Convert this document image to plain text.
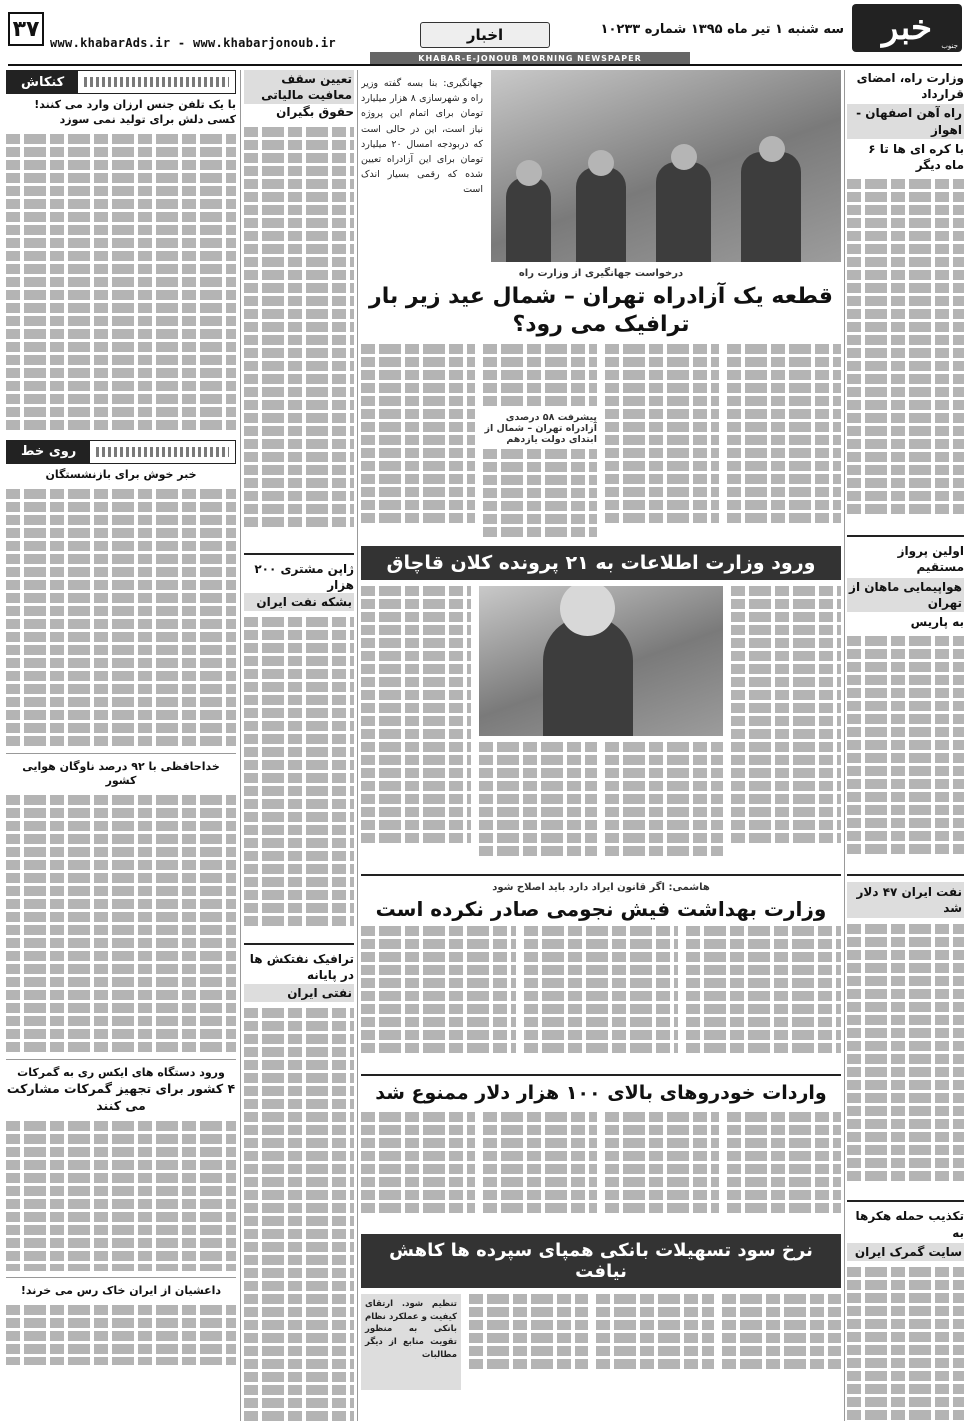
خبر جنوب
سه شنبه ۱ تیر ماه ۱۳۹۵ شماره ۱۰۲۳۳
اخبار
www.khabarAds.ir - www.khabarjonoub.ir
۳۷
KHABAR-E-JONOUB MORNING NEWSPAPER
وزارت راه، امضای قرارداد
راه آهن اصفهان - اهواز
با کره ای ها تا ۶ ماه دیگر
اولین پرواز مستقیم
هواپیمایی ماهان از تهران
به پاریس
نفت ایران ۴۷ دلار شد
تکذیب حمله هکرها به
سایت گمرک ایران
جهانگیری: بنا بسه گفته وزیر راه و شهرسازی ۸ هزار میلیارد تومان برای اتمام این پروژه نیاز است، این در حالی است که دربودجه امسال ۲۰ میلیارد تومان برای این آزادراه تعیین شده که رقمی بسیار اندک است
درخواست جهانگیری از وزارت راه
قطعه یک آزادراه تهران – شمال عید زیر بار ترافیک می رود؟
پیشرفت ۵۸ درصدی آزادراه تهران – شمال از ابتدای دولت یازدهم
ورود وزارت اطلاعات به ۲۱ پرونده کلان قاچاق
هاشمی: اگر قانون ایراد دارد باید اصلاح شود
وزارت بهداشت فیش نجومی صادر نکرده است
واردات خودروهای بالای ۱۰۰ هزار دلار ممنوع شد
نرخ سود تسهیلات بانکی همپای سپرده ها کاهش نیافت
تنظیم شود. ارتقای کیفیت و عملکرد نظام بانکی به منظور تقویت منابع از دیگر مطالبات
تعیین سقف معافیت مالیاتی
حقوق بگیران
ژاپن مشتری ۲۰۰ هزار
بشکه نفت ایران
ترافیک نفتکش ها در پایانه
نفتی ایران
کنکاش
با یک تلفن جنس ارزان وارد می کنند!
کسی دلش برای تولید نمی سوزد
روی خط
خبر خوش برای بازنشستگان
خداحافظی با ۹۲ درصد ناوگان هوایی کشور
ورود دستگاه های ایکس ری به گمرکات
۴ کشور برای تجهیز گمرکات مشارکت می کنند
داعشیان از ایران خاک رس می خرند!
